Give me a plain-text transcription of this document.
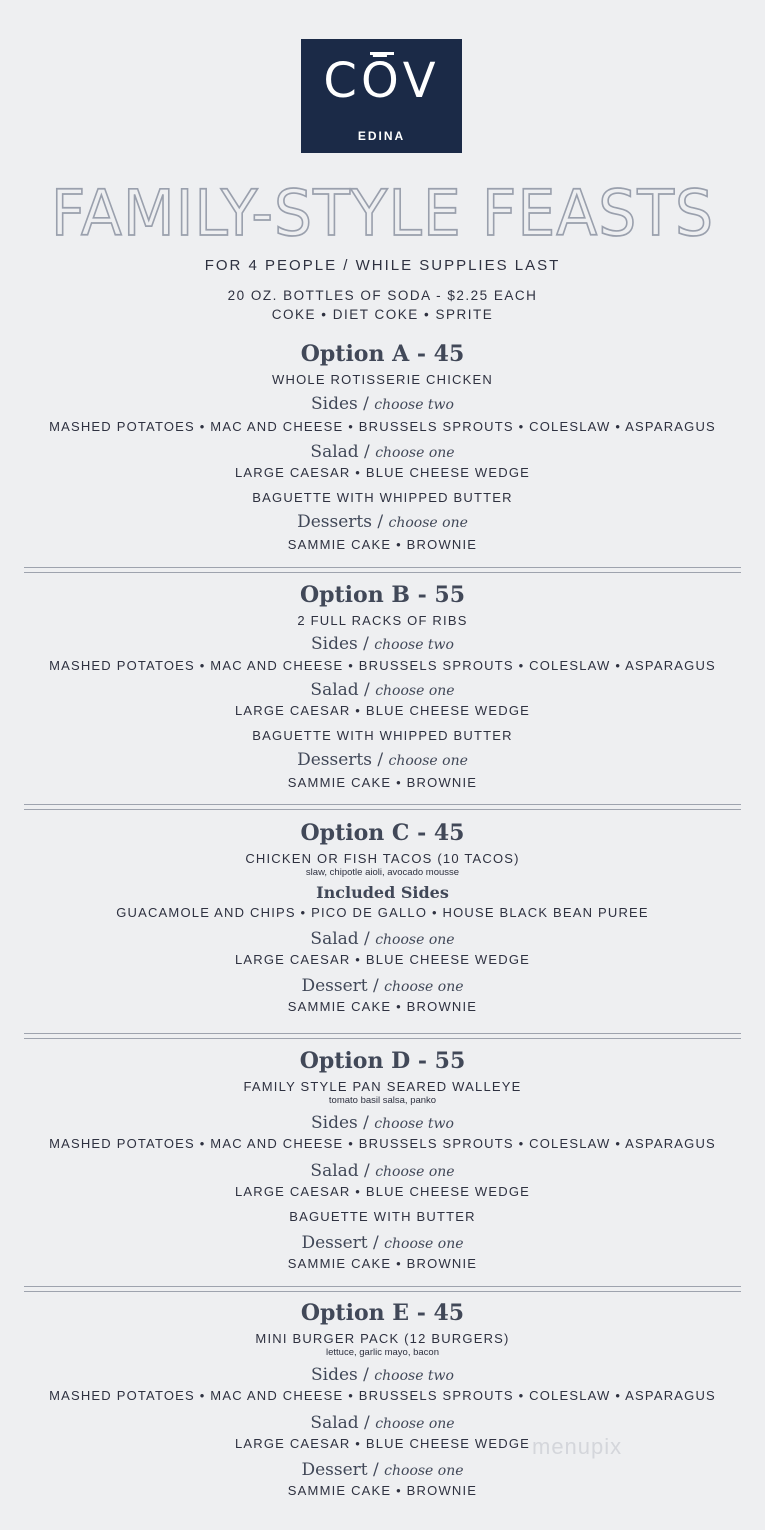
CŌV
EDINA
FAMILY-STYLE FEASTS
FOR 4 PEOPLE / WHILE SUPPLIES LAST
20 OZ. BOTTLES OF SODA - $2.25 EACH
COKE • DIET COKE • SPRITE
Option A - 45
WHOLE ROTISSERIE CHICKEN
Sides / choose two
MASHED POTATOES • MAC AND CHEESE • BRUSSELS SPROUTS • COLESLAW • ASPARAGUS
Salad / choose one
LARGE CAESAR • BLUE CHEESE WEDGE
BAGUETTE WITH WHIPPED BUTTER
Desserts / choose one
SAMMIE CAKE • BROWNIE
Option B - 55
2 FULL RACKS OF RIBS
Sides / choose two
MASHED POTATOES • MAC AND CHEESE • BRUSSELS SPROUTS • COLESLAW • ASPARAGUS
Salad / choose one
LARGE CAESAR • BLUE CHEESE WEDGE
BAGUETTE WITH WHIPPED BUTTER
Desserts / choose one
SAMMIE CAKE • BROWNIE
Option C - 45
CHICKEN OR FISH TACOS (10 TACOS)
slaw, chipotle aioli, avocado mousse
Included Sides
GUACAMOLE AND CHIPS • PICO DE GALLO • HOUSE BLACK BEAN PUREE
Salad / choose one
LARGE CAESAR • BLUE CHEESE WEDGE
Dessert / choose one
SAMMIE CAKE • BROWNIE
Option D - 55
FAMILY STYLE PAN SEARED WALLEYE
tomato basil salsa, panko
Sides / choose two
MASHED POTATOES • MAC AND CHEESE • BRUSSELS SPROUTS • COLESLAW • ASPARAGUS
Salad / choose one
LARGE CAESAR • BLUE CHEESE WEDGE
BAGUETTE WITH BUTTER
Dessert / choose one
SAMMIE CAKE • BROWNIE
Option E - 45
MINI BURGER PACK (12 BURGERS)
lettuce, garlic mayo, bacon
Sides / choose two
MASHED POTATOES • MAC AND CHEESE • BRUSSELS SPROUTS • COLESLAW • ASPARAGUS
Salad / choose one
LARGE CAESAR • BLUE CHEESE WEDGE
Dessert / choose one
SAMMIE CAKE • BROWNIE
menupix
